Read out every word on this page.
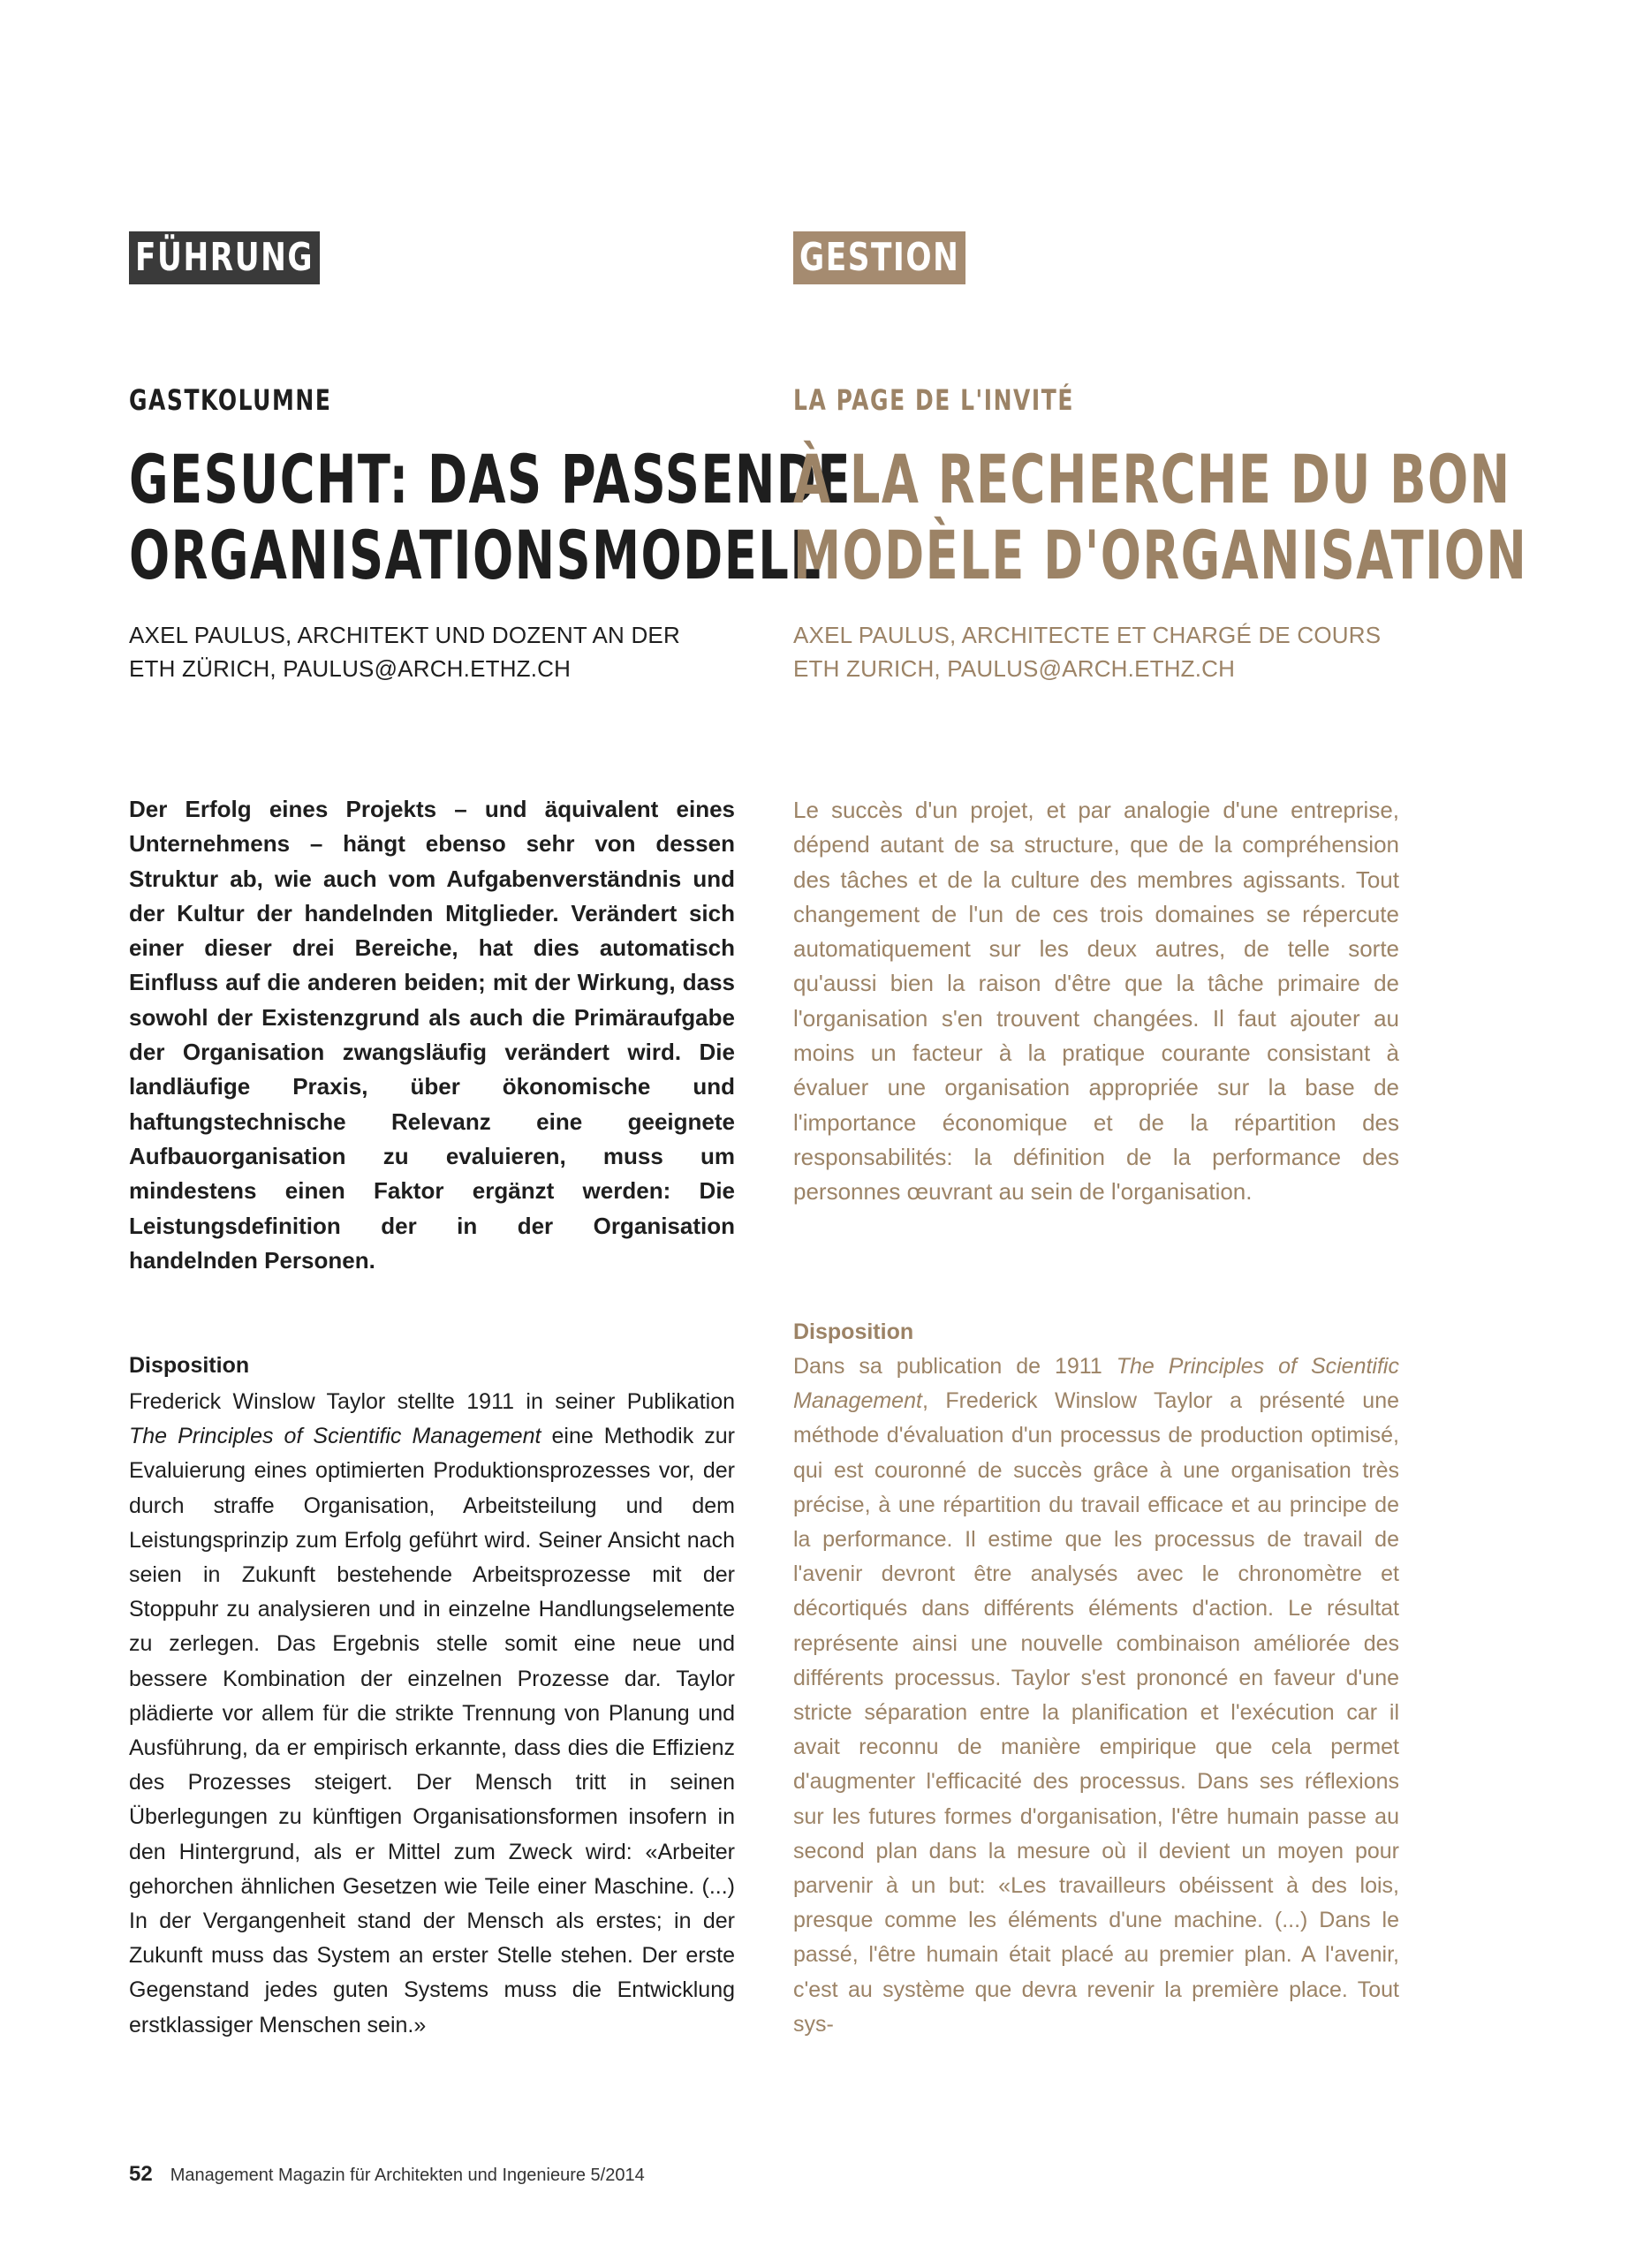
FÜHRUNG
GASTKOLUMNE
GESUCHT: DAS PASSENDE
ORGANISATIONSMODELL
AXEL PAULUS, ARCHITEKT UND DOZENT AN DER
ETH ZÜRICH, PAULUS@ARCH.ETHZ.CH

Der Erfolg eines Projekts – und äquivalent eines Unternehmens – hängt ebenso sehr von dessen Struktur ab, wie auch vom Aufgabenverständnis und der Kultur der handelnden Mitglieder. Verändert sich einer dieser drei Bereiche, hat dies automatisch Einfluss auf die anderen beiden; mit der Wirkung, dass sowohl der Existenzgrund als auch die Primäraufgabe der Organisation zwangsläufig verändert wird. Die landläufige Praxis, über ökonomische und haftungstechnische Relevanz eine geeignete Aufbauorganisation zu evaluieren, muss um mindestens einen Faktor ergänzt werden: Die Leistungsdefinition der in der Organisation handelnden Personen.

Disposition

Frederick Winslow Taylor stellte 1911 in seiner Publikation The Principles of Scientific Management eine Methodik zur Evaluierung eines optimierten Produktionsprozesses vor, der durch straffe Organisation, Arbeitsteilung und dem Leistungsprinzip zum Erfolg geführt wird. Seiner Ansicht nach seien in Zukunft bestehende Arbeitsprozesse mit der Stoppuhr zu analysieren und in einzelne Handlungselemente zu zerlegen. Das Ergebnis stelle somit eine neue und bessere Kombination der einzelnen Prozesse dar. Taylor plädierte vor allem für die strikte Trennung von Planung und Ausführung, da er empirisch erkannte, dass dies die Effizienz des Prozesses steigert. Der Mensch tritt in seinen Überlegungen zu künftigen Organisationsformen insofern in den Hintergrund, als er Mittel zum Zweck wird: «Arbeiter gehorchen ähnlichen Gesetzen wie Teile einer Maschine. (...) In der Vergangenheit stand der Mensch als erstes; in der Zukunft muss das System an erster Stelle stehen. Der erste Gegenstand jedes guten Systems muss die Entwicklung erstklassiger Menschen sein.»

GESTION
LA PAGE DE L'INVITÉ
À LA RECHERCHE DU BON
MODÈLE D'ORGANISATION
AXEL PAULUS, ARCHITECTE ET CHARGÉ DE COURS
ETH ZURICH, PAULUS@ARCH.ETHZ.CH

Le succès d'un projet, et par analogie d'une entreprise, dépend autant de sa structure, que de la compréhension des tâches et de la culture des membres agissants. Tout changement de l'un de ces trois domaines se répercute automatiquement sur les deux autres, de telle sorte qu'aussi bien la raison d'être que la tâche primaire de l'organisation s'en trouvent changées. Il faut ajouter au moins un facteur à la pratique courante consistant à évaluer une organisation appropriée sur la base de l'importance économique et de la répartition des responsabilités: la définition de la performance des personnes œuvrant au sein de l'organisation.

Disposition

Dans sa publication de 1911 The Principles of Scientific Management, Frederick Winslow Taylor a présenté une méthode d'évaluation d'un processus de production optimisé, qui est couronné de succès grâce à une organisation très précise, à une répartition du travail efficace et au principe de la performance. Il estime que les processus de travail de l'avenir devront être analysés avec le chronomètre et décortiqués dans différents éléments d'action. Le résultat représente ainsi une nouvelle combinaison améliorée des différents processus. Taylor s'est prononcé en faveur d'une stricte séparation entre la planification et l'exécution car il avait reconnu de manière empirique que cela permet d'augmenter l'efficacité des processus. Dans ses réflexions sur les futures formes d'organisation, l'être humain passe au second plan dans la mesure où il devient un moyen pour parvenir à un but: «Les travailleurs obéissent à des lois, presque comme les éléments d'une machine. (...) Dans le passé, l'être humain était placé au premier plan. A l'avenir, c'est au système que devra revenir la première place. Tout sys-

52 Management Magazin für Architekten und Ingenieure 5/2014
